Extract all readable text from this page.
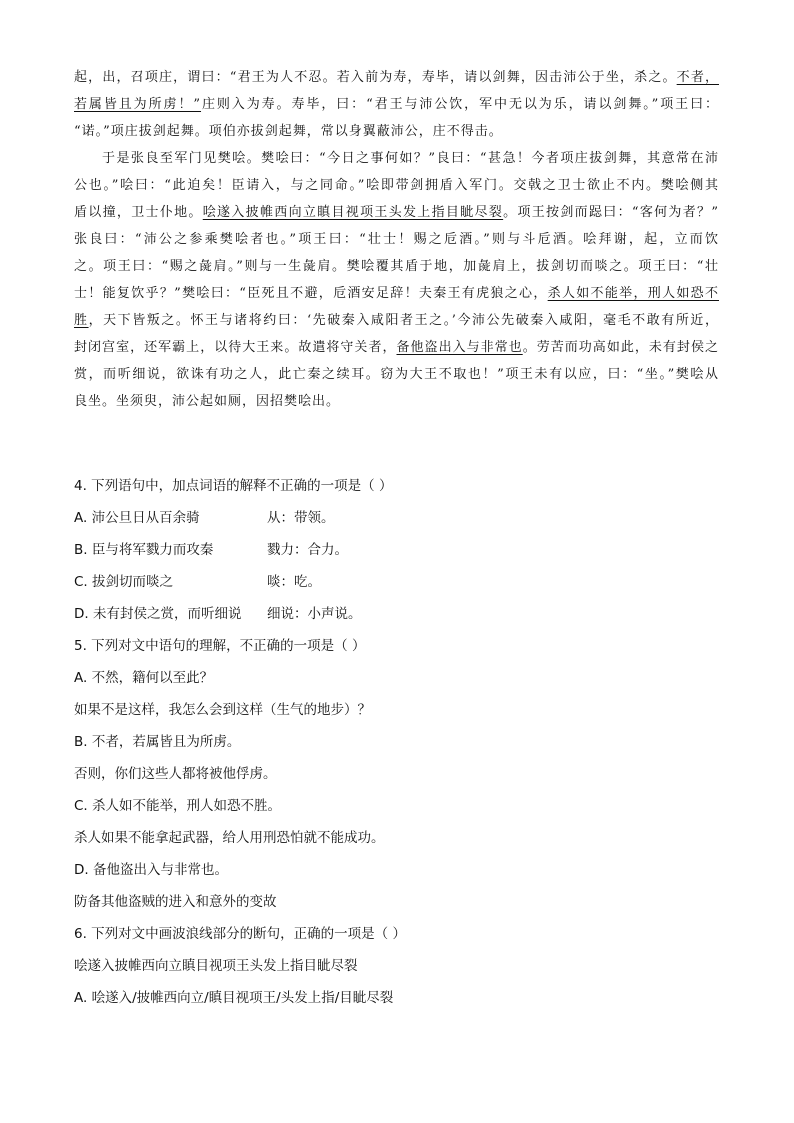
起，出，召项庄，谓曰：“君王为人不忍。若入前为寿，寿毕，请以剑舞，因击沛公于坐，杀之。不者，
若属皆且为所虏！”庄则入为寿。寿毕，曰：“君王与沛公饮，军中无以为乐，请以剑舞。”项王曰：
“诺。”项庄拔剑起舞。项伯亦拔剑起舞，常以身翼蔽沛公，庄不得击。
于是张良至军门见樊哙。樊哙曰：“今日之事何如？”良曰：“甚急！今者项庄拔剑舞，其意常在沛
公也。”哙曰：“此迫矣！臣请入，与之同命。”哙即带剑拥盾入军门。交戟之卫士欲止不内。樊哙侧其
盾以撞，卫士仆地。哙遂入披帷西向立瞋目视项王头发上指目眦尽裂。项王按剑而跽曰：“客何为者？”
张良曰：“沛公之参乘樊哙者也。”项王曰：“壮士！赐之卮酒。”则与斗卮酒。哙拜谢，起，立而饮
之。项王曰：“赐之彘肩。”则与一生彘肩。樊哙覆其盾于地，加彘肩上，拔剑切而啖之。项王曰：“壮
士！能复饮乎？”樊哙曰：“臣死且不避，卮酒安足辞！夫秦王有虎狼之心，杀人如不能举，刑人如恐不
胜，天下皆叛之。怀王与诸将约曰：‘先破秦入咸阳者王之。’今沛公先破秦入咸阳，毫毛不敢有所近，
封闭宫室，还军霸上，以待大王来。故遣将守关者，备他盗出入与非常也。劳苦而功高如此，未有封侯之
赏，而听细说，欲诛有功之人，此亡秦之续耳。窃为大王不取也！”项王未有以应，曰：“坐。”樊哙从
良坐。坐须臾，沛公起如厕，因招樊哙出。
4. 下列语句中，加点词语的解释不正确的一项是（ ）
A. 沛公旦日从百余骑	从：带领。
B. 臣与将军戮力而攻秦	戮力：合力。
C. 拔剑切而啖之	啖：吃。
D. 未有封侯之赏，而听细说	细说：小声说。
5. 下列对文中语句的理解，不正确的一项是（ ）
A. 不然，籍何以至此？
如果不是这样，我怎么会到这样（生气的地步）？
B. 不者，若属皆且为所虏。
否则，你们这些人都将被他俘虏。
C. 杀人如不能举，刑人如恐不胜。
杀人如果不能拿起武器，给人用刑恐怕就不能成功。
D. 备他盗出入与非常也。
防备其他盗贼的进入和意外的变故
6. 下列对文中画波浪线部分的断句，正确的一项是（ ）
哙遂入披帷西向立瞋目视项王头发上指目眦尽裂
A. 哙遂入/披帷西向立/瞋目视项王/头发上指/目眦尽裂
